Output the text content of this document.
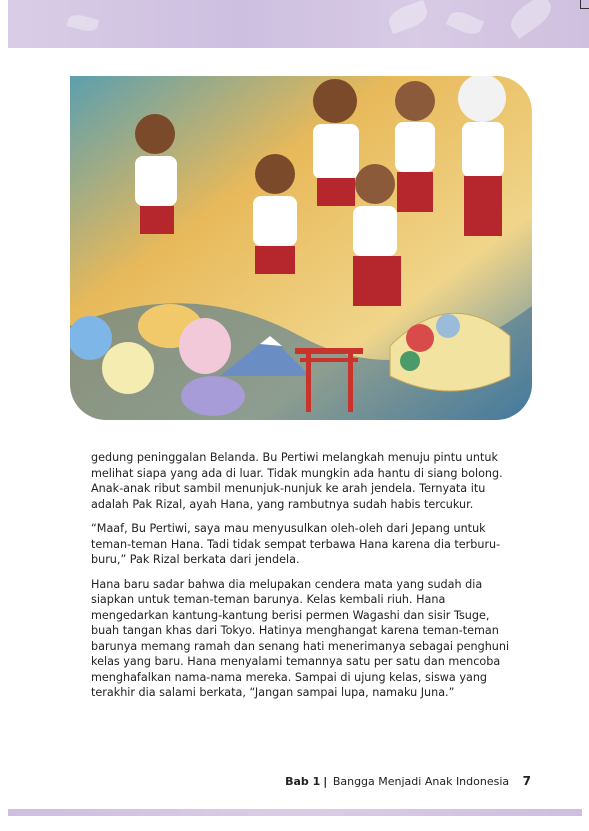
gedung peninggalan Belanda. Bu Pertiwi melangkah menuju pintu untuk melihat siapa yang ada di luar. Tidak mungkin ada hantu di siang bolong. Anak-anak ribut sambil menunjuk-nunjuk ke arah jendela. Ternyata itu adalah Pak Rizal, ayah Hana, yang rambutnya sudah habis tercukur.

“Maaf, Bu Pertiwi, saya mau menyusulkan oleh-oleh dari Jepang untuk teman-teman Hana. Tadi tidak sempat terbawa Hana karena dia terburu-buru,” Pak Rizal berkata dari jendela.

Hana baru sadar bahwa dia melupakan cendera mata yang sudah dia siapkan untuk teman-teman barunya. Kelas kembali riuh. Hana mengedarkan kantung-kantung berisi permen Wagashi dan sisir Tsuge, buah tangan khas dari Tokyo. Hatinya menghangat karena teman-teman barunya memang ramah dan senang hati menerimanya sebagai penghuni kelas yang baru. Hana menyalami temannya satu per satu dan mencoba menghafalkan nama-nama mereka. Sampai di ujung kelas, siswa yang terakhir dia salami berkata, “Jangan sampai lupa, namaku Juna.”

Bab 1 | Bangga Menjadi Anak Indonesia 7
